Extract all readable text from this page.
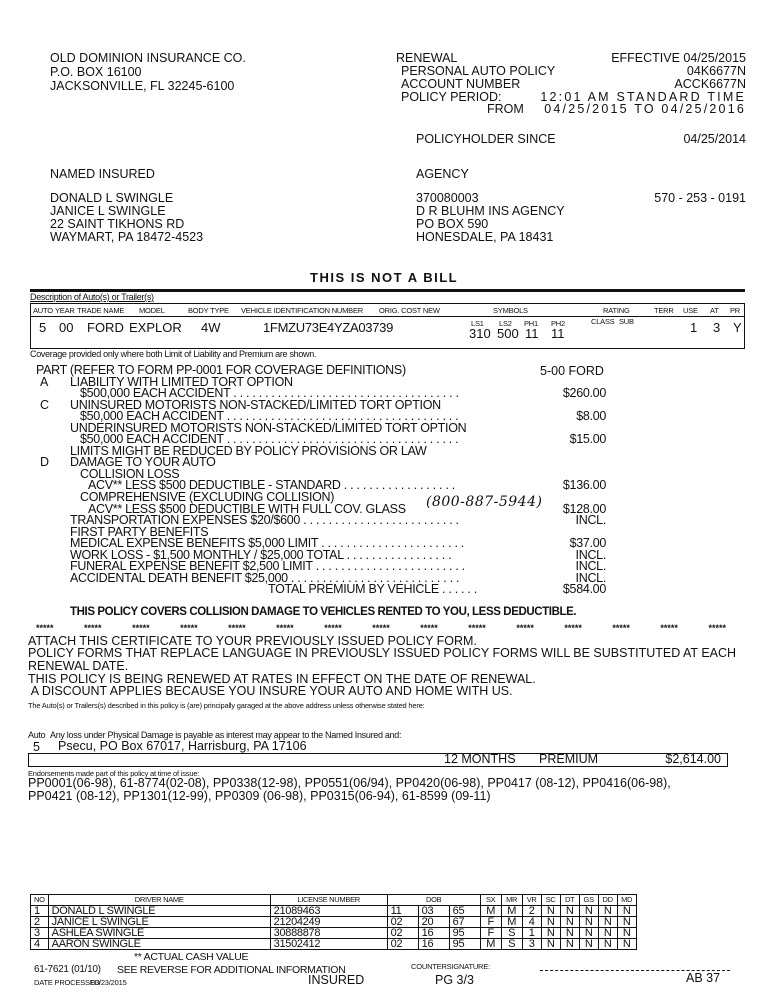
OLD DOMINION INSURANCE CO.
P.O. BOX 16100
JACKSONVILLE, FL 32245-6100
RENEWAL	EFFECTIVE 04/25/2015
PERSONAL AUTO POLICY	04K6677N
ACCOUNT NUMBER	ACCK6677N
POLICY PERIOD:	12:01 AM STANDARD TIME
FROM 04/25/2015 TO 04/25/2016
POLICYHOLDER SINCE	04/25/2014
NAMED INSURED
DONALD L SWINGLE
JANICE L SWINGLE
22 SAINT TIKHONS RD
WAYMART, PA 18472-4523
AGENCY
370080003
D R BLUHM INS AGENCY
PO BOX 590
HONESDALE, PA 18431
570 - 253 - 0191
THIS IS NOT A BILL
Description of Auto(s) or Trailer(s)
AUTO YEAR TRADE NAME MODEL	BODY TYPE VEHICLE IDENTIFICATION NUMBER ORIG. COST NEW	SYMBOLS	RATING	TERR USE AT PR
LS1 LS2 PH1 PH2	CLASS SUB
5 00 FORD EXPLOR 4W	1FMZU73E4YZA03739	310 500 11 11	1 3 Y
Coverage provided only where both Limit of Liability and Premium are shown.
5-00 FORD
PART (REFER TO FORM PP-0001 FOR COVERAGE DEFINITIONS)
A LIABILITY WITH LIMITED TORT OPTION
$500,000 EACH ACCIDENT . . . . . . . . . . . . . . . . . . . . . . . . . . . . . . . . . . . .	$260.00
C UNINSURED MOTORISTS NON-STACKED/LIMITED TORT OPTION
$50,000 EACH ACCIDENT . . . . . . . . . . . . . . . . . . . . . . . . . . . . . . . . . . . . .	$8.00
UNDERINSURED MOTORISTS NON-STACKED/LIMITED TORT OPTION
$50,000 EACH ACCIDENT . . . . . . . . . . . . . . . . . . . . . . . . . . . . . . . . . . . . .	$15.00
LIMITS MIGHT BE REDUCED BY POLICY PROVISIONS OR LAW
D DAMAGE TO YOUR AUTO
COLLISION LOSS
ACV** LESS $500 DEDUCTIBLE - STANDARD . . . . . . . . . . . . . . . . . .	$136.00
COMPREHENSIVE (EXCLUDING COLLISION)
ACV** LESS $500 DEDUCTIBLE WITH FULL COV. GLASS	$128.00
TRANSPORTATION EXPENSES $20/$600 . . . . . . . . . . . . . . . . . . . . . . . . .	INCL.
FIRST PARTY BENEFITS
MEDICAL EXPENSE BENEFITS $5,000 LIMIT . . . . . . . . . . . . . . . . . . . . . . .	$37.00
WORK LOSS - $1,500 MONTHLY / $25,000 TOTAL . . . . . . . . . . . . . . . . .	INCL.
FUNERAL EXPENSE BENEFIT $2,500 LIMIT . . . . . . . . . . . . . . . . . . . . . . . .	INCL.
ACCIDENTAL DEATH BENEFIT $25,000 . . . . . . . . . . . . . . . . . . . . . . . . . . .	INCL.
TOTAL PREMIUM BY VEHICLE . . . . . .	$584.00
(800-887-5944)
THIS POLICY COVERS COLLISION DAMAGE TO VEHICLES RENTED TO YOU, LESS DEDUCTIBLE.
*****	*****	*****	*****	*****	*****	*****	*****	*****	*****	*****	*****	*****	*****	*****
ATTACH THIS CERTIFICATE TO YOUR PREVIOUSLY ISSUED POLICY FORM.
POLICY FORMS THAT REPLACE LANGUAGE IN PREVIOUSLY ISSUED POLICY FORMS WILL BE SUBSTITUTED AT EACH
RENEWAL DATE.
THIS POLICY IS BEING RENEWED AT RATES IN EFFECT ON THE DATE OF RENEWAL.
A DISCOUNT APPLIES BECAUSE YOU INSURE YOUR AUTO AND HOME WITH US.
The Auto(s) or Trailers(s) described in this policy is (are) principally garaged at the above address unless otherwise stated here:
Auto Any loss under Physical Damage is payable as interest may appear to the Named Insured and:
5 Psecu, PO Box 67017, Harrisburg, PA 17106
12 MONTHS PREMIUM	$2,614.00
Endorsements made part of this policy at time of issue:
PP0001(06-98), 61-8774(02-08), PP0338(12-98), PP0551(06/94), PP0420(06-98), PP0417 (08-12), PP0416(06-98),
PP0421 (08-12), PP1301(12-99), PP0309 (06-98), PP0315(06-94), 61-8599 (09-11)
NO	DRIVER NAME	LICENSE NUMBER	DOB			SX	MR	VR	SC	DT	GS	DD	MD
1	DONALD L SWINGLE	21089463	11	03	65	M	M	2	N	N	N	N	N
2	JANICE L SWINGLE	21204249	02	20	67	F	M	4	N	N	N	N	N
3	ASHLEA SWINGLE	30888878	02	16	95	F	S	1	N	N	N	N	N
4	AARON SWINGLE	31502412	02	16	95	M	S	3	N	N	N	N	N
** ACTUAL CASH VALUE
61-7621 (01/10) SEE REVERSE FOR ADDITIONAL INFORMATION	COUNTERSIGNATURE:
DATE PROCESSED
03/23/2015	INSURED	PG 3/3	AB 37
